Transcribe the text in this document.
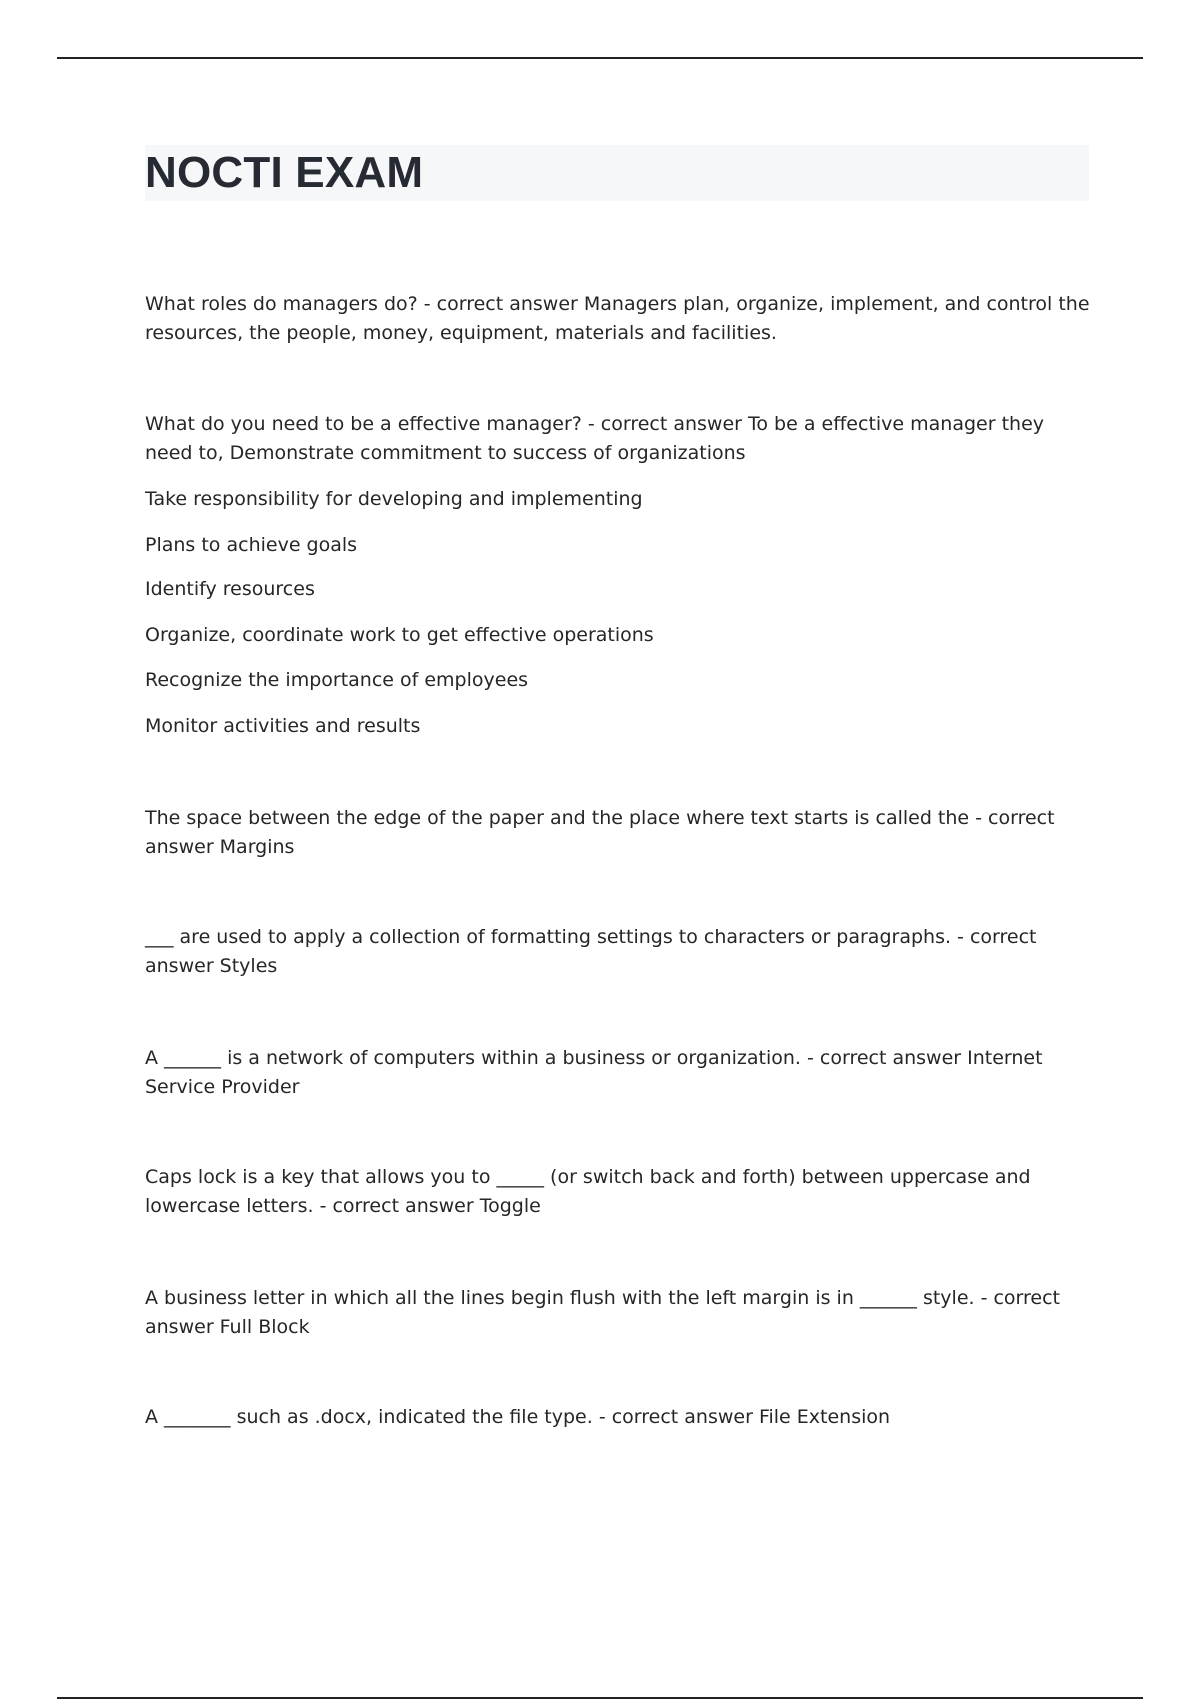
NOCTI EXAM

What roles do managers do? - correct answer Managers plan, organize, implement, and control the resources, the people, money, equipment, materials and facilities.

What do you need to be a effective manager? - correct answer To be a effective manager they need to, Demonstrate commitment to success of organizations

Take responsibility for developing and implementing

Plans to achieve goals

Identify resources

Organize, coordinate work to get effective operations

Recognize the importance of employees

Monitor activities and results

The space between the edge of the paper and the place where text starts is called the - correct answer Margins

___ are used to apply a collection of formatting settings to characters or paragraphs. - correct answer Styles

A ______ is a network of computers within a business or organization. - correct answer Internet Service Provider

Caps lock is a key that allows you to _____ (or switch back and forth) between uppercase and lowercase letters. - correct answer Toggle

A business letter in which all the lines begin flush with the left margin is in ______ style. - correct answer Full Block

A _______ such as .docx, indicated the file type. - correct answer File Extension
